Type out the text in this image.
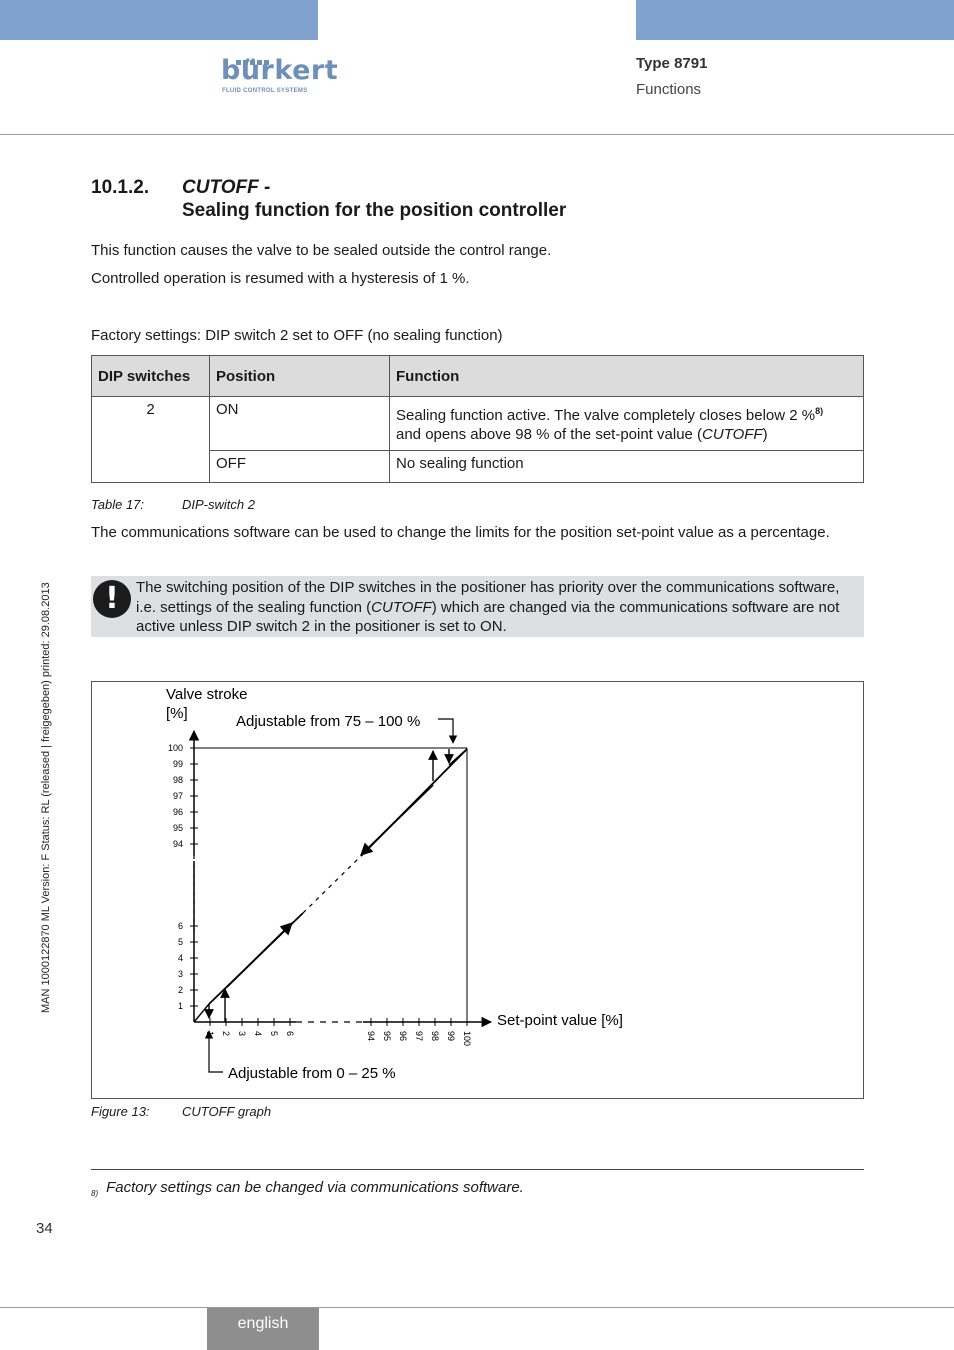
bürkert
FLUID CONTROL SYSTEMS
Type 8791
Functions
10.1.2. CUTOFF -
Sealing function for the position controller
This function causes the valve to be sealed outside the control range.
Controlled operation is resumed with a hysteresis of 1 %.
Factory settings: DIP switch 2 set to OFF (no sealing function)
DIP switches	Position	Function
2	ON	Sealing function active. The valve completely closes below 2 %$^{8)}$
and opens above 98 % of the set-point value (CUTOFF)
	OFF	No sealing function
Table 17:	DIP-switch 2
The communications software can be used to change the limits for the position set-point value as a percentage.
!	The switching position of the DIP switches in the positioner has priority over the communications software, i.e. settings of the sealing function (CUTOFF) which are changed via the communications software are not active unless DIP switch 2 in the positioner is set to ON.
Valve stroke
[%]
Set-point value [%]
Adjustable from 75 – 100 %
Adjustable from 0 – 25 %
1
2
3
4
5
6
94
95
96
97
98
99
100
1 2 3 4 5 6	94 95 96 97 98 99 100
Figure 13: CUTOFF graph
$_{8)}$ Factory settings can be changed via communications software.
34
MAN 1000122870 ML Version: F Status: RL (released | freigegeben) printed: 29.08.2013
english
